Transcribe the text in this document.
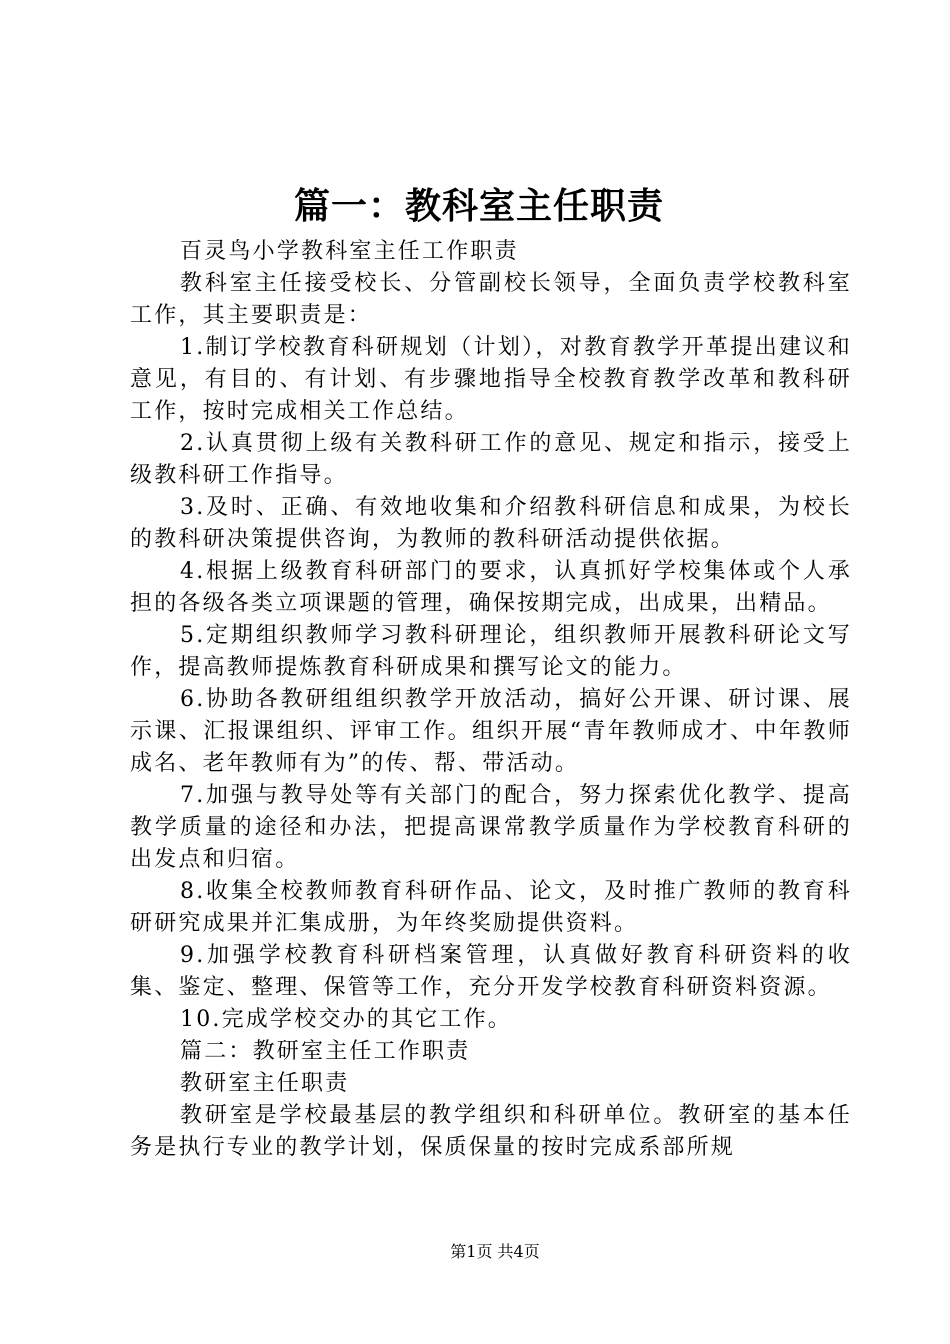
篇一：教科室主任职责

百灵鸟小学教科室主任工作职责

教科室主任接受校长、分管副校长领导，全面负责学校教科室工作，其主要职责是：

1.制订学校教育科研规划（计划），对教育教学开革提出建议和意见，有目的、有计划、有步骤地指导全校教育教学改革和教科研工作，按时完成相关工作总结。

2.认真贯彻上级有关教科研工作的意见、规定和指示，接受上级教科研工作指导。

3.及时、正确、有效地收集和介绍教科研信息和成果，为校长的教科研决策提供咨询，为教师的教科研活动提供依据。

4.根据上级教育科研部门的要求，认真抓好学校集体或个人承担的各级各类立项课题的管理，确保按期完成，出成果，出精品。

5.定期组织教师学习教科研理论，组织教师开展教科研论文写作，提高教师提炼教育科研成果和撰写论文的能力。

6.协助各教研组组织教学开放活动，搞好公开课、研讨课、展示课、汇报课组织、评审工作。组织开展“青年教师成才、中年教师成名、老年教师有为”的传、帮、带活动。

7.加强与教导处等有关部门的配合，努力探索优化教学、提高教学质量的途径和办法，把提高课常教学质量作为学校教育科研的出发点和归宿。

8.收集全校教师教育科研作品、论文，及时推广教师的教育科研研究成果并汇集成册，为年终奖励提供资料。

9.加强学校教育科研档案管理，认真做好教育科研资料的收集、鉴定、整理、保管等工作，充分开发学校教育科研资料资源。

10.完成学校交办的其它工作。

篇二：教研室主任工作职责

教研室主任职责

教研室是学校最基层的教学组织和科研单位。教研室的基本任务是执行专业的教学计划，保质保量的按时完成系部所规

第1页 共4页
